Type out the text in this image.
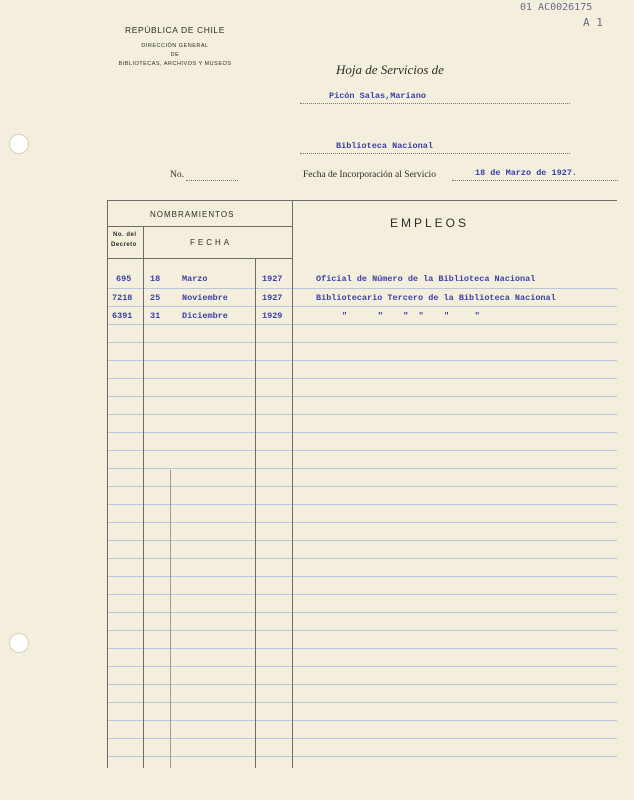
01 AC0026175
A 1
REPÚBLICA DE CHILE
DIRECCIÓN GENERAL
DE
BIBLIOTECAS, ARCHIVOS Y MUSEOS	Hoja de Servicios de
Picón Salas,Mariano
Biblioteca Nacional
No.	Fecha de Incorporación al Servicio	18 de Marzo de 1927.
NOMBRAMIENTOS
No. del
Decreto	FECHA
EMPLEOS
695 18	Marzo	1927	Oficial de Número de la Biblioteca Nacional
7218 25	Noviembre	1927	Bibliotecario Tercero de la Biblioteca Nacional
6391 31	Diciembre	1929	"      "    "  "    "     "
